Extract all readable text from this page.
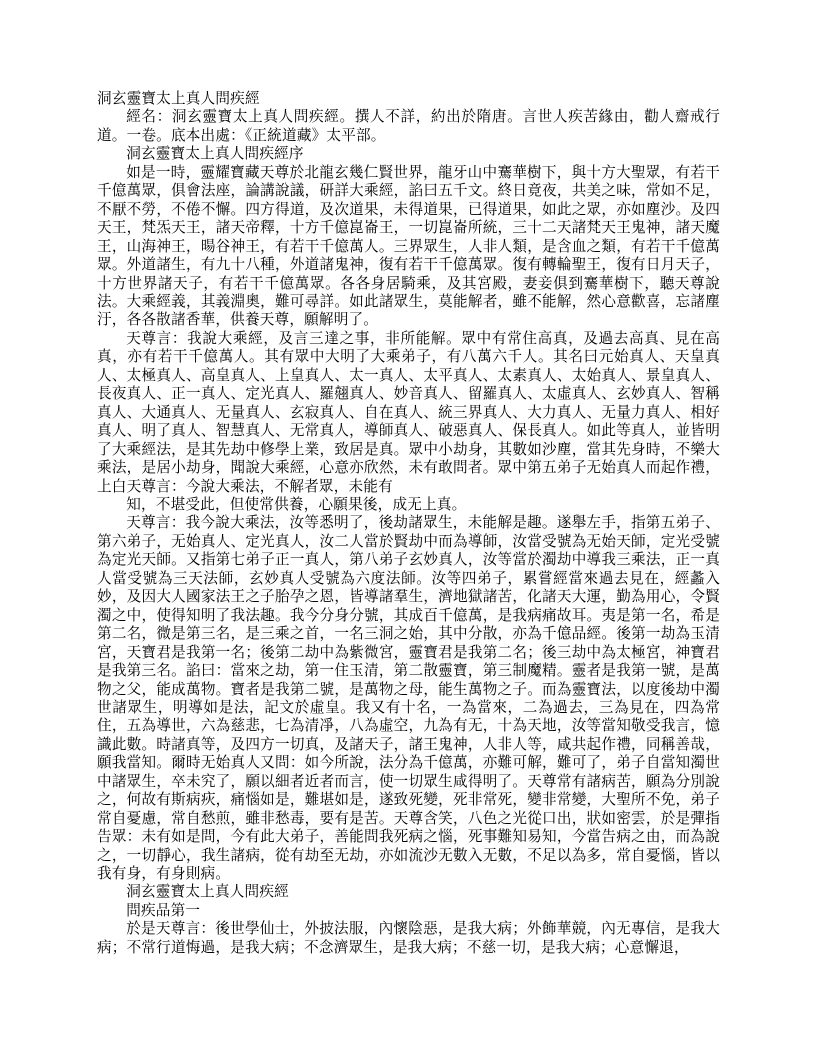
洞玄靈寶太上真人問疾經

經名：洞玄靈寶太上真人問疾經。撰人不詳，約出於隋唐。言世人疾苦緣由，勸人齋戒行道。一卷。底本出處：《正統道藏》太平部。

洞玄靈寶太上真人問疾經序

如是一時，靈耀寶藏天尊於北龍玄幾仁賢世界，龍牙山中騫華樹下，與十方大聖眾，有若干千億萬眾，俱會法座，論講說議，研詳大乘經，諂曰五千文。終日竟夜，共美之味，常如不足，不厭不勞，不倦不懈。四方得道，及次道果，未得道果，已得道果，如此之眾，亦如塵沙。及四天王，梵炁天王，諸天帝釋，十方千億崑崙王，一切崑崙所統，三十二天諸梵天王鬼神，諸天魔王，山海神王，暘谷神王，有若干千億萬人。三界眾生，人非人類，是含血之類，有若干千億萬眾。外道諸生，有九十八種，外道諸鬼神，復有若干千億萬眾。復有轉輪聖王，復有日月天子，十方世界諸天子，有若干千億萬眾。各各身居騎乘，及其宮殿，妻妾俱到騫華樹下，聽天尊說法。大乘經義，其義淵奧，難可尋詳。如此諸眾生，莫能解者，雖不能解，然心意歡喜，忘諸塵汙，各各散諸香華，供養天尊，願解明了。

天尊言：我說大乘經，及言三達之事，非所能解。眾中有常住高真，及過去高真、見在高真，亦有若干千億萬人。其有眾中大明了大乘弟子，有八萬六千人。其名曰元始真人、天皇真人、太極真人、高皇真人、上皇真人、太一真人、太平真人、太素真人、太始真人、景皇真人、長夜真人、正一真人、定光真人、羅翹真人、妙音真人、留羅真人、太虛真人、玄妙真人、智稱真人、大通真人、无量真人、玄寂真人、自在真人、統三界真人、大力真人、无量力真人、相好真人、明了真人、智慧真人、无常真人，導師真人、破惡真人、保長真人。如此等真人，並皆明了大乘經法，是其先劫中修學上業，致居是真。眾中小劫身，其數如沙塵，當其先身時，不樂大乘法，是居小劫身，聞說大乘經，心意亦欣然，未有敢問者。眾中第五弟子无始真人而起作禮，上白天尊言：今說大乘法，不解者眾，未能有

知，不堪受此，但使常供養，心願果後，成无上真。

天尊言：我今說大乘法，汝等悉明了，後劫諸眾生，未能解是趣。遂舉左手，指第五弟子、第六弟子，无始真人、定光真人，汝二人當於賢劫中而為導師，汝當受號為无始天師，定光受號為定光天師。又指第七弟子正一真人，第八弟子玄妙真人，汝等當於濁劫中導我三乘法，正一真人當受號為三天法師，玄妙真人受號為六度法師。汝等四弟子，累嘗經當來過去見在，經蠡入妙，及因大人國家法王之子胎孕之恩，皆導諸羣生，濟地獄諸苦，化諸天大運，勤為用心，令賢濁之中，使得知明了我法趣。我今分身分號，其成百千億萬，是我病痛故耳。夷是第一名，希是第二名，微是第三名，是三乘之首，一名三洞之始，其中分散，亦為千億品經。後第一劫為玉清宮，天寶君是我第一名；後第二劫中為紫微宮，靈寶君是我第二名；後三劫中為太極宮，神寶君是我第三名。諂曰：當來之劫，第一住玉清，第二散靈寶，第三制魔精。靈者是我第一號，是萬物之父，能成萬物。寶者是我第二號，是萬物之母，能生萬物之子。而為靈寶法，以度後劫中濁世諸眾生，明導如是法，記文於虛皇。我又有十名，一為當來，二為過去，三為見在，四為常住，五為導世，六為慈悲，七為清凈，八為虛空，九為有无，十為天地，汝等當知敬受我言，憶識此數。時諸真等，及四方一切真，及諸天子，諸王鬼神，人非人等，咸共起作禮，同稱善哉，願我當知。爾時无始真人又問：如今所說，法分為千億萬，亦難可解，難可了，弟子自當知濁世中諸眾生，卒未究了，願以細者近者而言，使一切眾生咸得明了。天尊常有諸病苦，願為分別說之，何故有斯病疢，痛惱如是，難堪如是，遂致死變，死非常死，變非常變，大聖所不免，弟子常自憂慮，常自愁煎，雖非愁毒，要有是苦。天尊含笑，八色之光從口出，狀如密雲，於是彈指告眾：未有如是問，今有此大弟子，善能問我死病之惱，死事難知易知，今當告病之由，而為說之，一切靜心，我生諸病，從有劫至无劫，亦如流沙无數入无數，不足以為多，常自憂惱，皆以我有身，有身則病。

洞玄靈寶太上真人問疾經

問疾品第一

於是天尊言：後世學仙士，外披法服，內懷陰惡，是我大病；外飾華競，內无專信，是我大病；不常行道悔過，是我大病；不念濟眾生，是我大病；不慈一切，是我大病；心意懈退，
